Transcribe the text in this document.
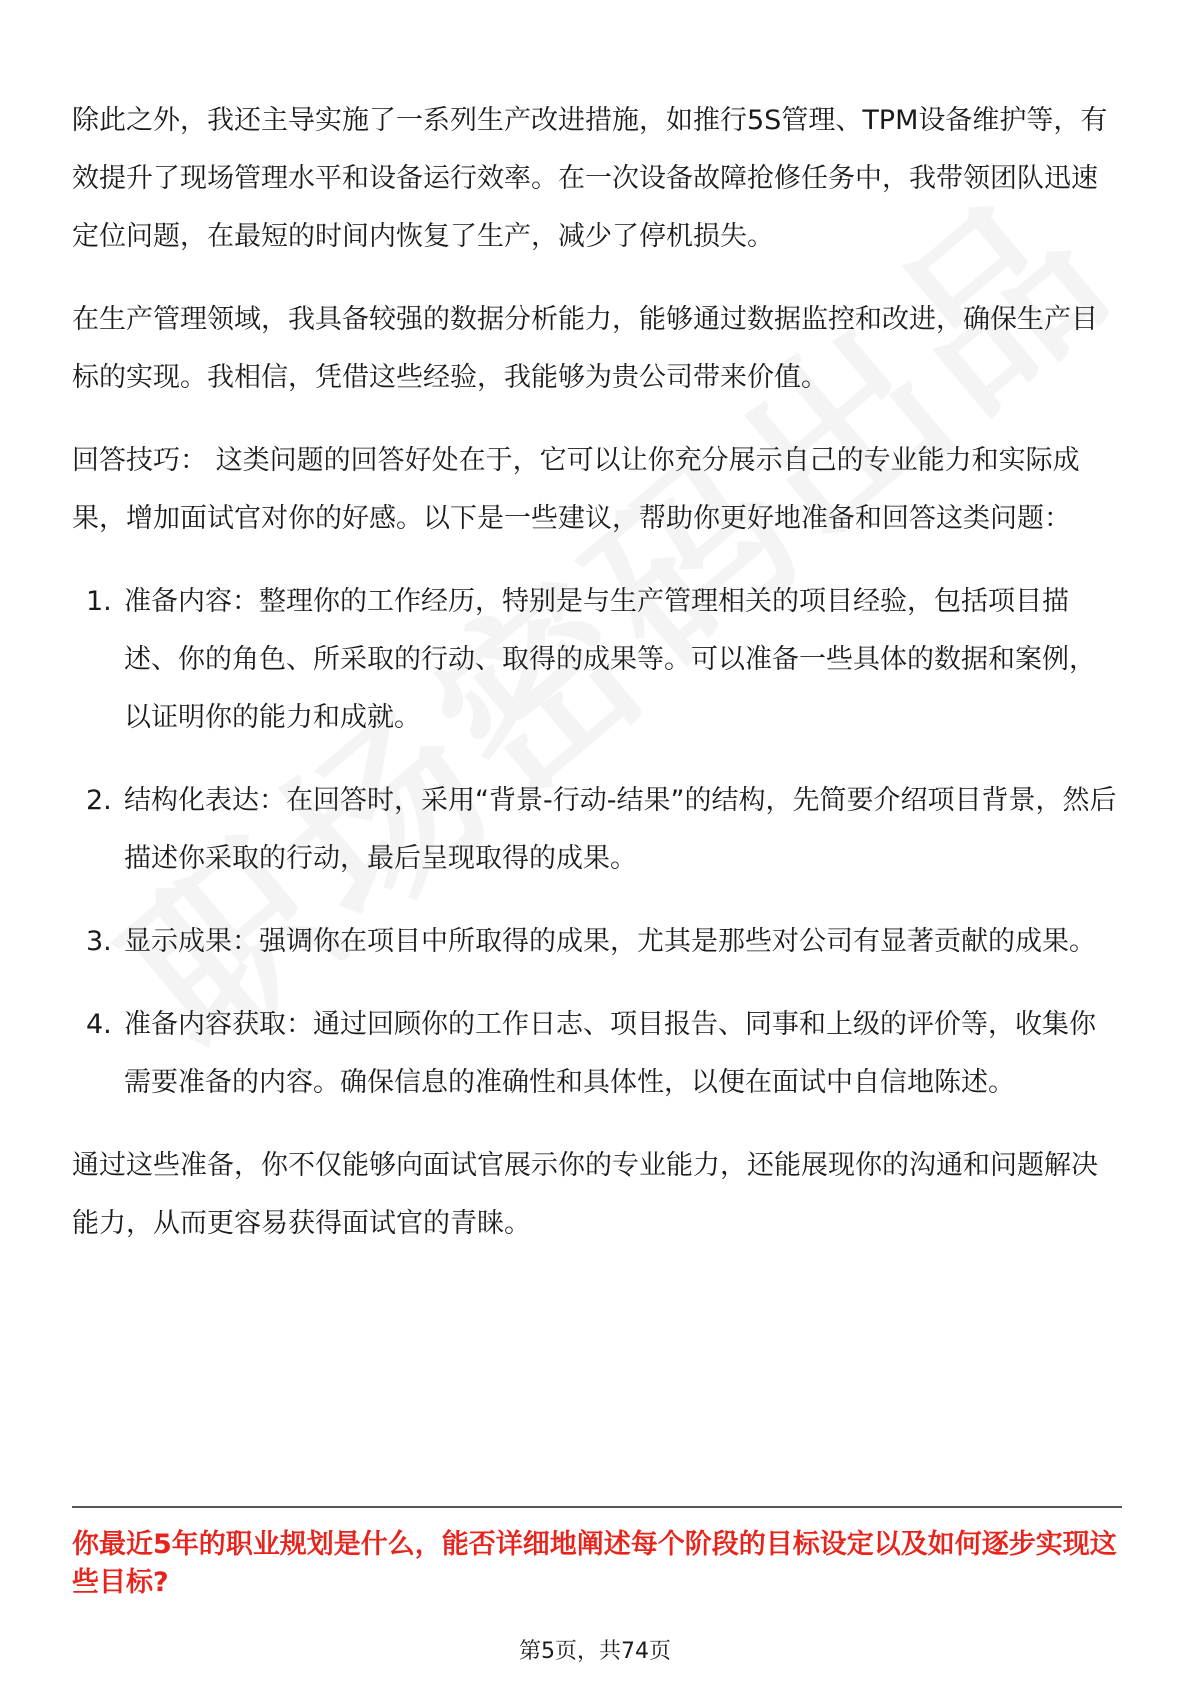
除此之外，我还主导实施了一系列生产改进措施，如推行5S管理、TPM设备维护等，有效提升了现场管理水平和设备运行效率。在一次设备故障抢修任务中，我带领团队迅速定位问题，在最短的时间内恢复了生产，减少了停机损失。

在生产管理领域，我具备较强的数据分析能力，能够通过数据监控和改进，确保生产目标的实现。我相信，凭借这些经验，我能够为贵公司带来价值。

回答技巧： 这类问题的回答好处在于，它可以让你充分展示自己的专业能力和实际成果，增加面试官对你的好感。以下是一些建议，帮助你更好地准备和回答这类问题：

1. 准备内容：整理你的工作经历，特别是与生产管理相关的项目经验，包括项目描述、你的角色、所采取的行动、取得的成果等。可以准备一些具体的数据和案例，以证明你的能力和成就。
2. 结构化表达：在回答时，采用“背景-行动-结果”的结构，先简要介绍项目背景，然后描述你采取的行动，最后呈现取得的成果。
3. 显示成果：强调你在项目中所取得的成果，尤其是那些对公司有显著贡献的成果。
4. 准备内容获取：通过回顾你的工作日志、项目报告、同事和上级的评价等，收集你需要准备的内容。确保信息的准确性和具体性，以便在面试中自信地陈述。

通过这些准备，你不仅能够向面试官展示你的专业能力，还能展现你的沟通和问题解决能力，从而更容易获得面试官的青睐。

你最近5年的职业规划是什么，能否详细地阐述每个阶段的目标设定以及如何逐步实现这些目标?

第5页，共74页
